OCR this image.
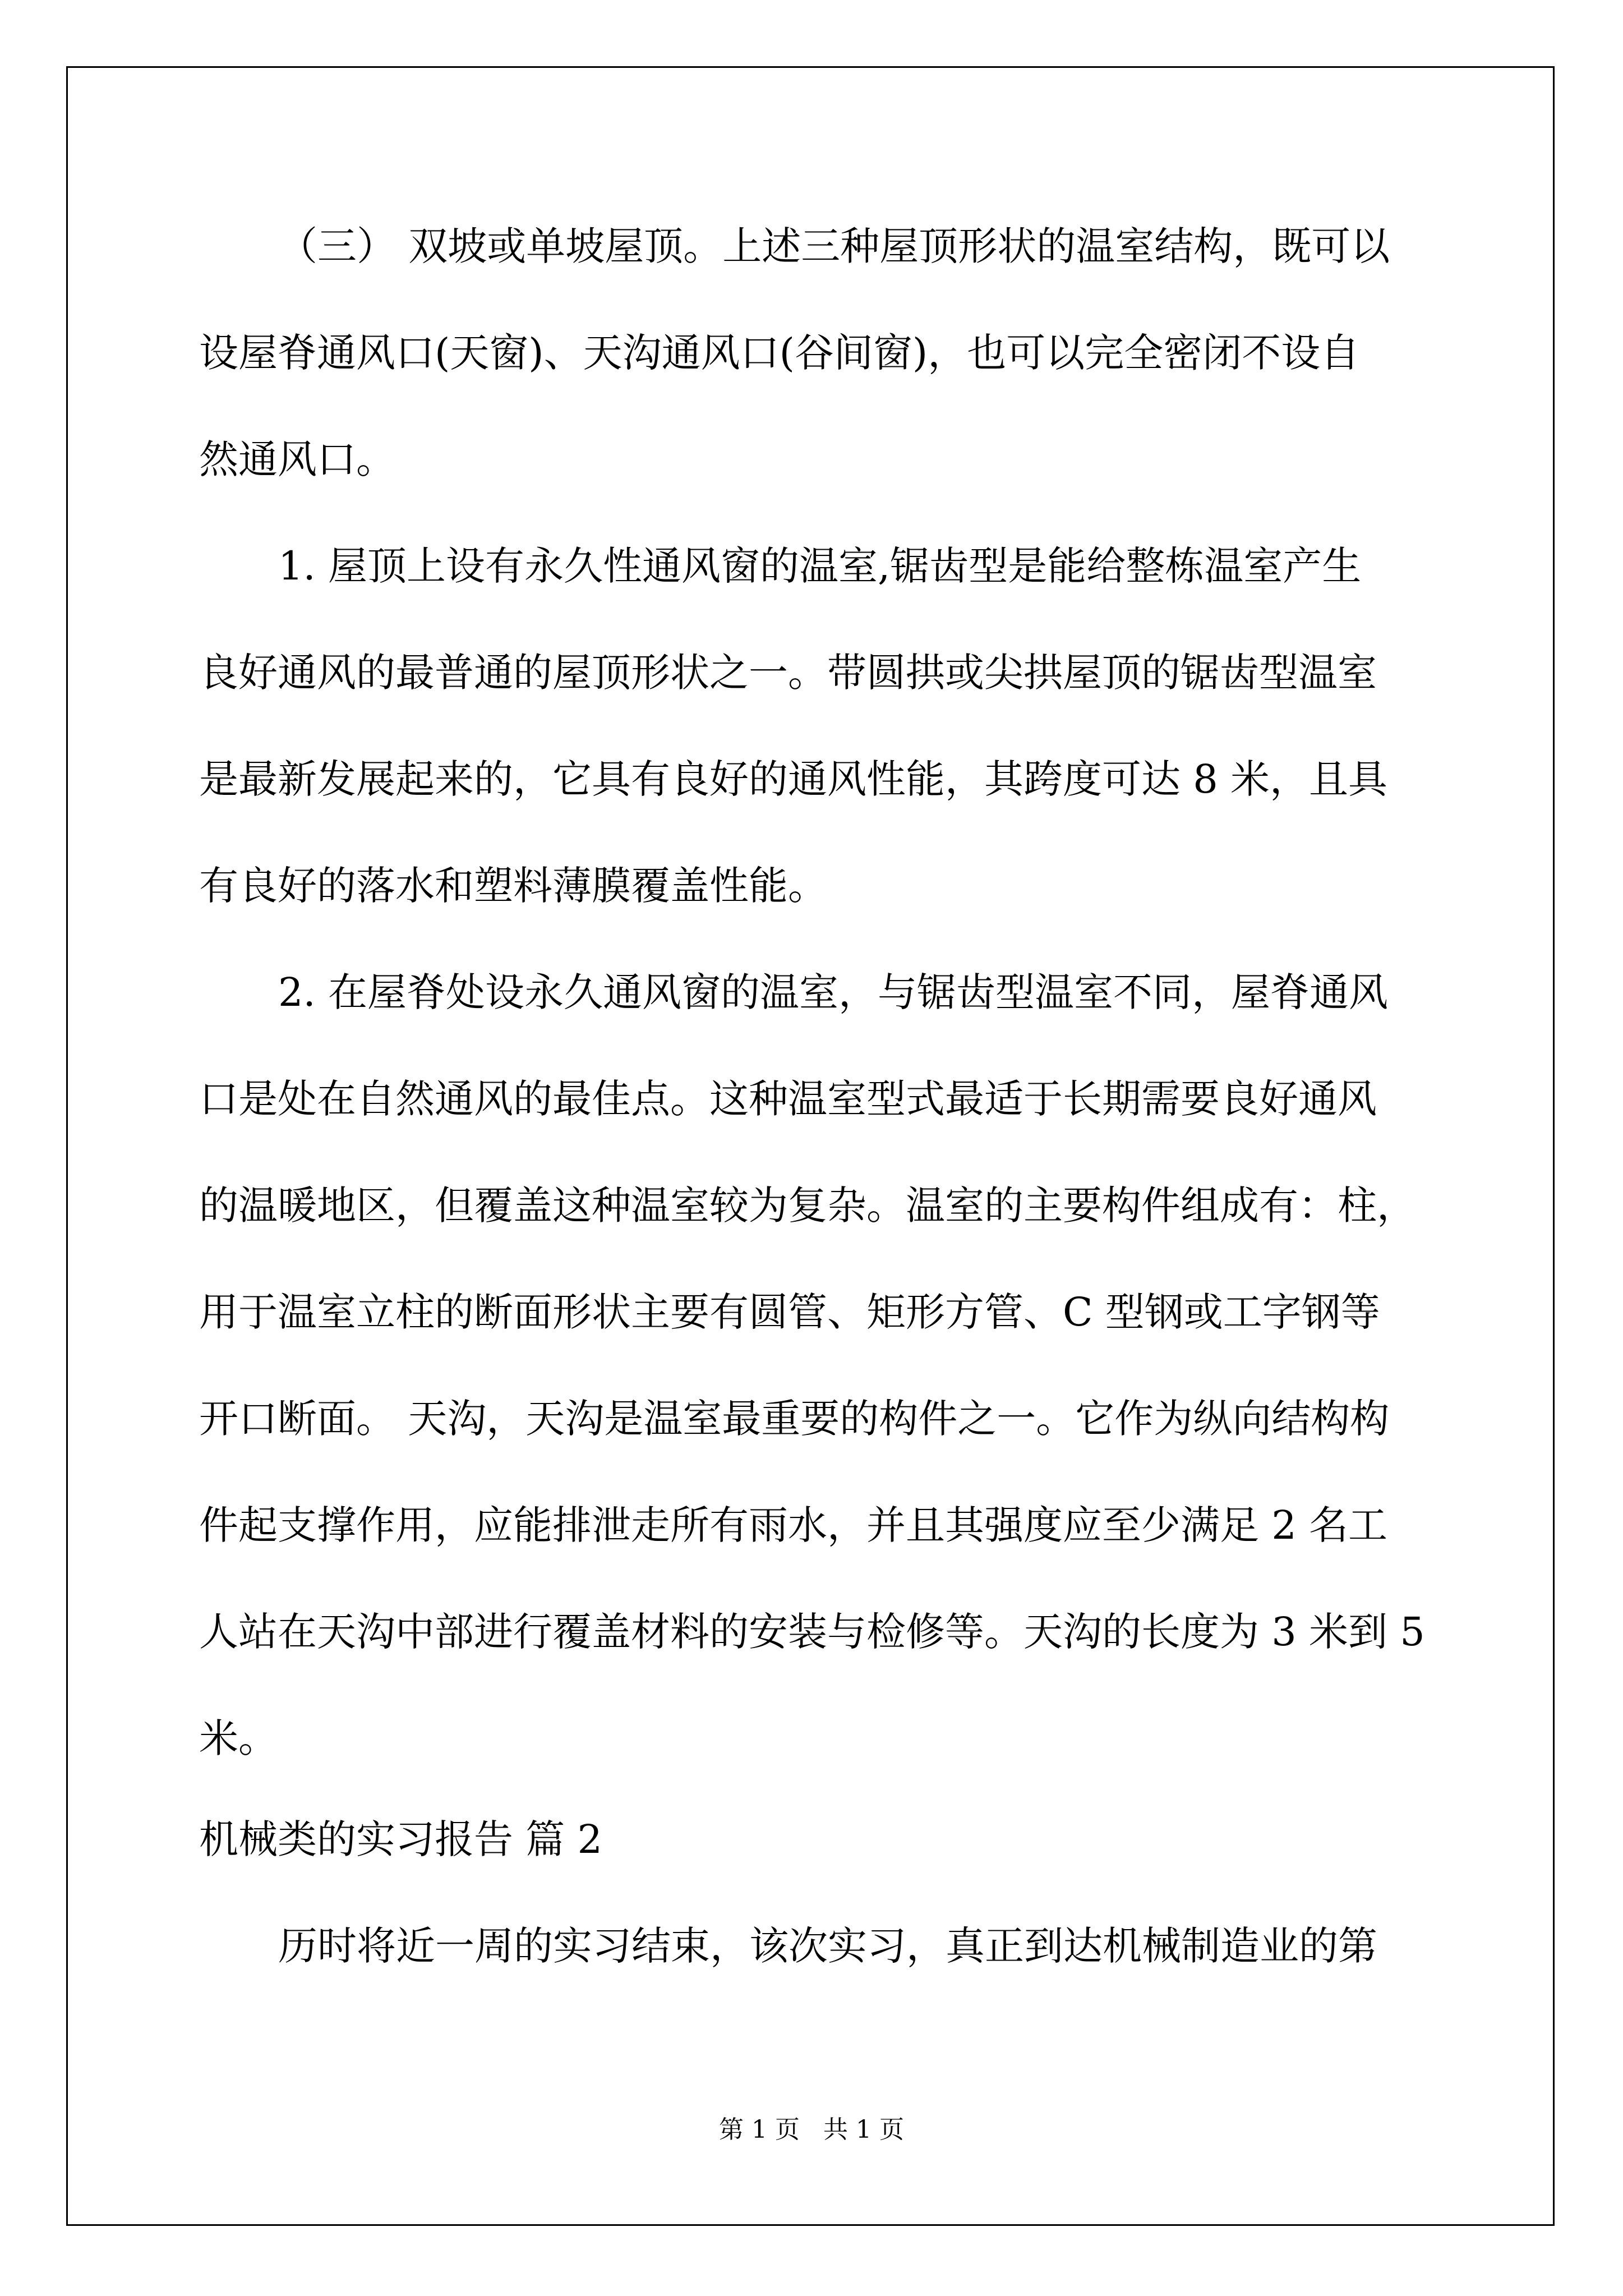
（三） 双坡或单坡屋顶。上述三种屋顶形状的温室结构，既可以
设屋脊通风口(天窗)、天沟通风口(谷间窗)，也可以完全密闭不设自
然通风口。
1. 屋顶上设有永久性通风窗的温室,锯齿型是能给整栋温室产生
良好通风的最普通的屋顶形状之一。带圆拱或尖拱屋顶的锯齿型温室
是最新发展起来的，它具有良好的通风性能，其跨度可达 8 米，且具
有良好的落水和塑料薄膜覆盖性能。
2. 在屋脊处设永久通风窗的温室，与锯齿型温室不同，屋脊通风
口是处在自然通风的最佳点。这种温室型式最适于长期需要良好通风
的温暖地区，但覆盖这种温室较为复杂。温室的主要构件组成有：柱，
用于温室立柱的断面形状主要有圆管、矩形方管、C 型钢或工字钢等
开口断面。 天沟，天沟是温室最重要的构件之一。它作为纵向结构构
件起支撑作用，应能排泄走所有雨水，并且其强度应至少满足 2 名工
人站在天沟中部进行覆盖材料的安装与检修等。天沟的长度为 3 米到 5
米。
机械类的实习报告 篇 2
历时将近一周的实习结束，该次实习，真正到达机械制造业的第
第 1 页   共 1 页
